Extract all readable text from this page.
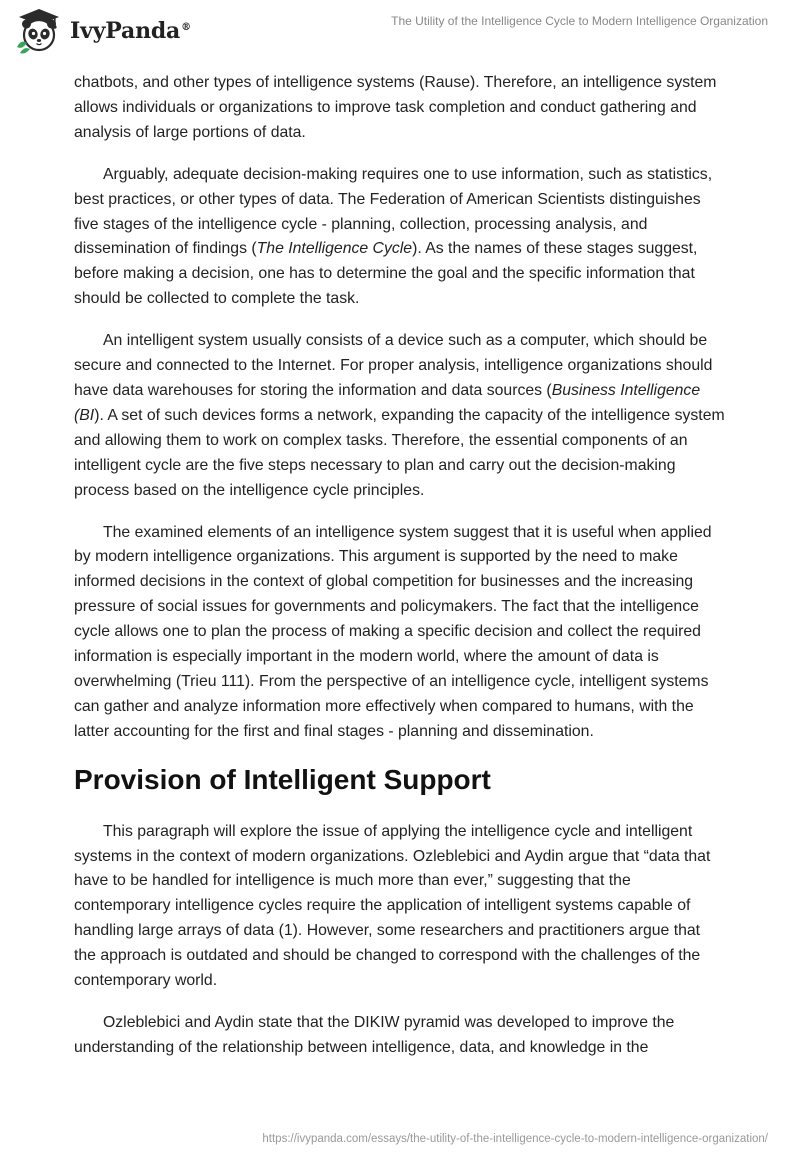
IvyPanda®	The Utility of the Intelligence Cycle to Modern Intelligence Organization

chatbots, and other types of intelligence systems (Rause). Therefore, an intelligence system allows individuals or organizations to improve task completion and conduct gathering and analysis of large portions of data.

Arguably, adequate decision-making requires one to use information, such as statistics, best practices, or other types of data. The Federation of American Scientists distinguishes five stages of the intelligence cycle - planning, collection, processing analysis, and dissemination of findings (The Intelligence Cycle). As the names of these stages suggest, before making a decision, one has to determine the goal and the specific information that should be collected to complete the task.

An intelligent system usually consists of a device such as a computer, which should be secure and connected to the Internet. For proper analysis, intelligence organizations should have data warehouses for storing the information and data sources (Business Intelligence (BI). A set of such devices forms a network, expanding the capacity of the intelligence system and allowing them to work on complex tasks. Therefore, the essential components of an intelligent cycle are the five steps necessary to plan and carry out the decision-making process based on the intelligence cycle principles.

The examined elements of an intelligence system suggest that it is useful when applied by modern intelligence organizations. This argument is supported by the need to make informed decisions in the context of global competition for businesses and the increasing pressure of social issues for governments and policymakers. The fact that the intelligence cycle allows one to plan the process of making a specific decision and collect the required information is especially important in the modern world, where the amount of data is overwhelming (Trieu 111). From the perspective of an intelligence cycle, intelligent systems can gather and analyze information more effectively when compared to humans, with the latter accounting for the first and final stages - planning and dissemination.

Provision of Intelligent Support

This paragraph will explore the issue of applying the intelligence cycle and intelligent systems in the context of modern organizations. Ozleblebici and Aydin argue that “data that have to be handled for intelligence is much more than ever,” suggesting that the contemporary intelligence cycles require the application of intelligent systems capable of handling large arrays of data (1). However, some researchers and practitioners argue that the approach is outdated and should be changed to correspond with the challenges of the contemporary world.

Ozleblebici and Aydin state that the DIKIW pyramid was developed to improve the understanding of the relationship between intelligence, data, and knowledge in the

https://ivypanda.com/essays/the-utility-of-the-intelligence-cycle-to-modern-intelligence-organization/
